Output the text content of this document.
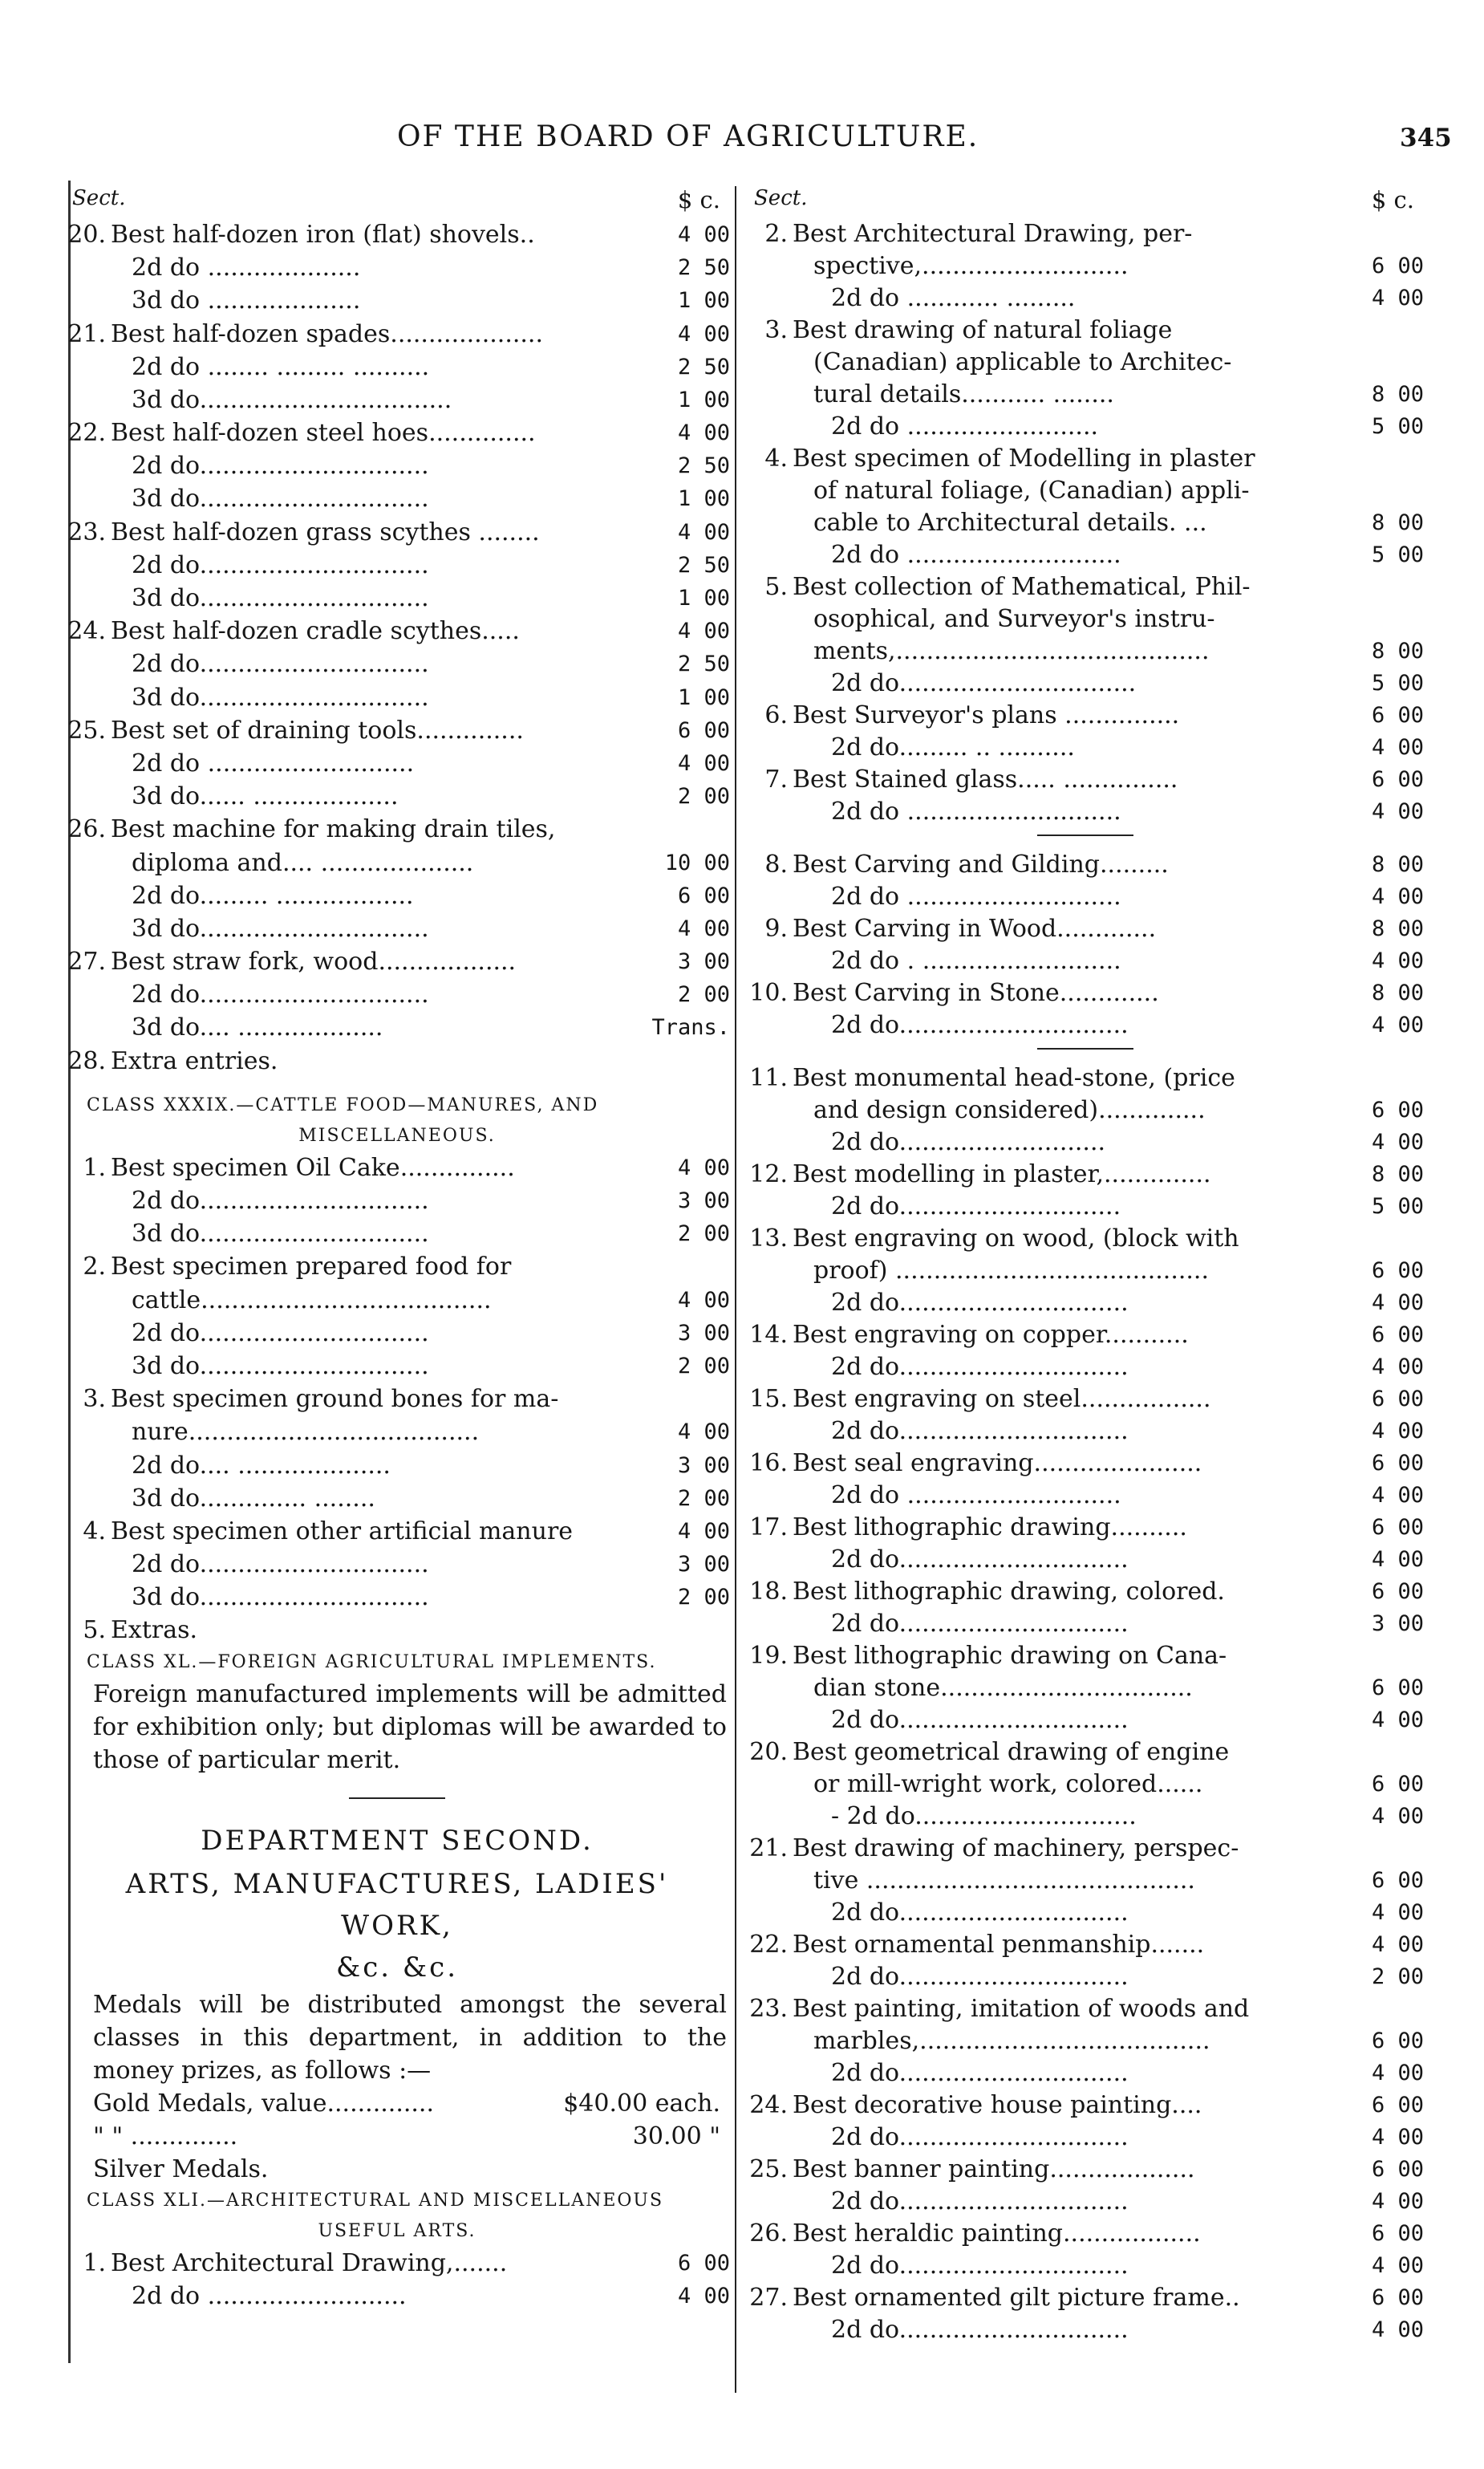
OF THE BOARD OF AGRICULTURE.	345
Sect.	$ c.
20. Best half-dozen iron (flat) shovels..	4 00
2d do ....................	2 50
3d do ....................	1 00
21. Best half-dozen spades....................	4 00
2d do ........ ......... ..........	2 50
3d do.................................	1 00
22. Best half-dozen steel hoes..............	4 00
2d do..............................	2 50
3d do..............................	1 00
23. Best half-dozen grass scythes ........	4 00
2d do..............................	2 50
3d do..............................	1 00
24. Best half-dozen cradle scythes.....	4 00
2d do..............................	2 50
3d do..............................	1 00
25. Best set of draining tools..............	6 00
2d do ...........................	4 00
3d do...... ...................	2 00
26. Best machine for making drain tiles,
diploma and.... ....................	10 00
2d do......... ..................	6 00
3d do..............................	4 00
27. Best straw fork, wood..................	3 00
2d do..............................	2 00
3d do.... ...................	Trans.
28. Extra entries.
CLASS XXXIX.—CATTLE FOOD—MANURES, AND
MISCELLANEOUS.
1. Best specimen Oil Cake...............	4 00
2d do..............................	3 00
3d do..............................	2 00
2. Best specimen prepared food for
cattle......................................	4 00
2d do..............................	3 00
3d do..............................	2 00
3. Best specimen ground bones for ma-
nure......................................	4 00
2d do.... ....................	3 00
3d do.............. ........	2 00
4. Best specimen other artificial manure	4 00
2d do..............................	3 00
3d do..............................	2 00
5. Extras.
CLASS XL.—FOREIGN AGRICULTURAL IMPLEMENTS.
Foreign manufactured implements will be admitted for exhibition only; but diplomas will be awarded to those of particular merit.
DEPARTMENT SECOND.
ARTS, MANUFACTURES, LADIES' WORK,
&c. &c.
Medals will be distributed amongst the several classes in this department, in addition to the money prizes, as follows :—
Gold Medals, value..............	$40.00 each.
" " ..............	30.00 "
Silver Medals.
CLASS XLI.—ARCHITECTURAL AND MISCELLANEOUS
USEFUL ARTS.
1. Best Architectural Drawing,.......	6 00
2d do ..........................	4 00
Sect.	$ c.
2. Best Architectural Drawing, per-
spective,...........................	6 00
2d do ............ .........	4 00
3. Best drawing of natural foliage
(Canadian) applicable to Architec-
tural details........... ........	8 00
2d do .........................	5 00
4. Best specimen of Modelling in plaster
of natural foliage, (Canadian) appli-
cable to Architectural details. ...	8 00
2d do ............................	5 00
5. Best collection of Mathematical, Phil-
osophical, and Surveyor's instru-
ments,.........................................	8 00
2d do...............................	5 00
6. Best Surveyor's plans ...............	6 00
2d do......... .. ..........	4 00
7. Best Stained glass..... ...............	6 00
2d do ............................	4 00
8. Best Carving and Gilding.........	8 00
2d do ............................	4 00
9. Best Carving in Wood.............	8 00
2d do . ..........................	4 00
10. Best Carving in Stone.............	8 00
2d do..............................	4 00
11. Best monumental head-stone, (price
and design considered)..............	6 00
2d do...........................	4 00
12. Best modelling in plaster,..............	8 00
2d do.............................	5 00
13. Best engraving on wood, (block with
proof) .........................................	6 00
2d do..............................	4 00
14. Best engraving on copper...........	6 00
2d do..............................	4 00
15. Best engraving on steel.................	6 00
2d do..............................	4 00
16. Best seal engraving......................	6 00
2d do ............................	4 00
17. Best lithographic drawing..........	6 00
2d do..............................	4 00
18. Best lithographic drawing, colored.	6 00
2d do..............................	3 00
19. Best lithographic drawing on Cana-
dian stone.................................	6 00
2d do..............................	4 00
20. Best geometrical drawing of engine
or mill-wright work, colored......	6 00
- 2d do.............................	4 00
21. Best drawing of machinery, perspec-
tive ...........................................	6 00
2d do..............................	4 00
22. Best ornamental penmanship.......	4 00
2d do..............................	2 00
23. Best painting, imitation of woods and
marbles,......................................	6 00
2d do..............................	4 00
24. Best decorative house painting....	6 00
2d do..............................	4 00
25. Best banner painting...................	6 00
2d do..............................	4 00
26. Best heraldic painting..................	6 00
2d do..............................	4 00
27. Best ornamented gilt picture frame..	6 00
2d do..............................	4 00
